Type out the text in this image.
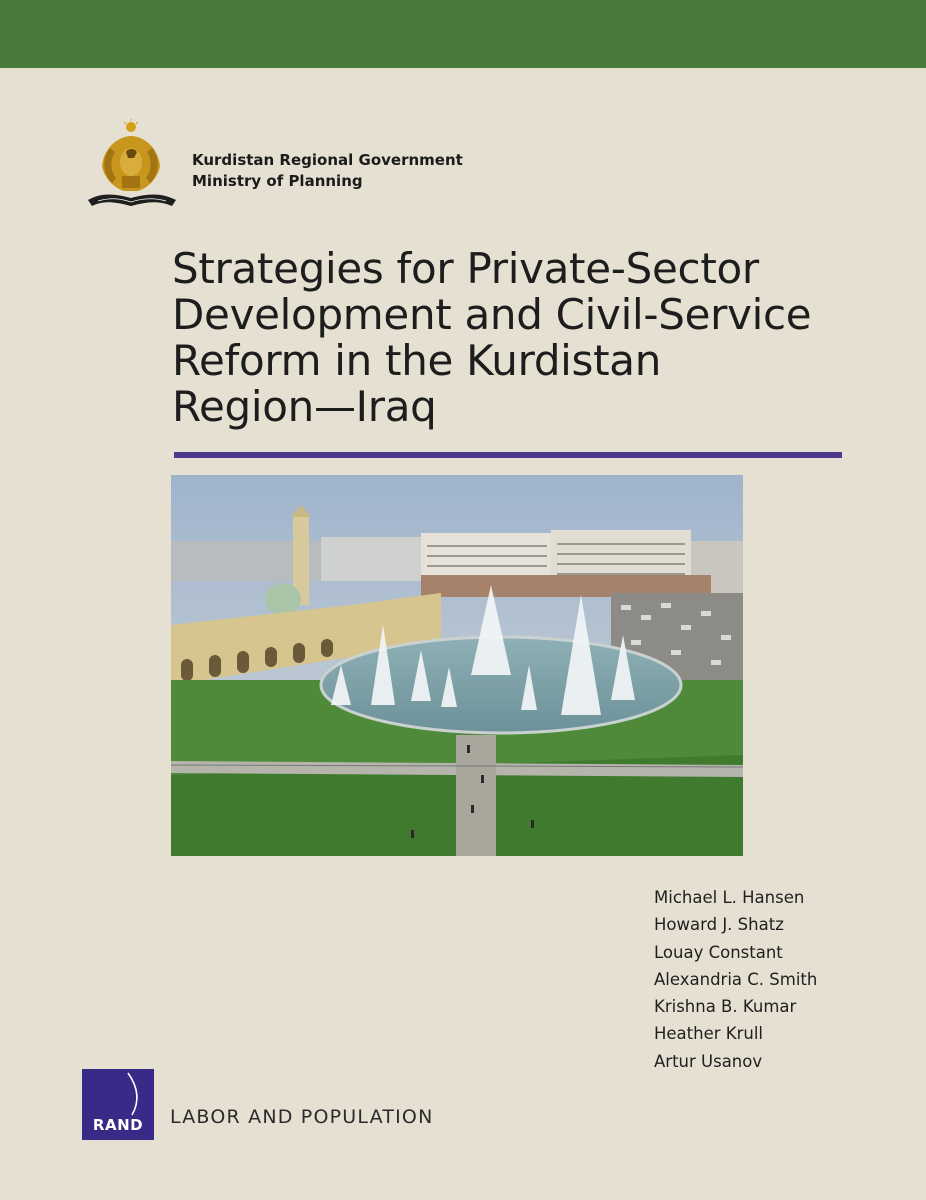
Kurdistan Regional Government
Ministry of Planning
Strategies for Private-Sector
Development and Civil-Service
Reform in the Kurdistan
Region—Iraq
Michael L. Hansen
Howard J. Shatz
Louay Constant
Alexandria C. Smith
Krishna B. Kumar
Heather Krull
Artur Usanov
RAND	LABOR AND POPULATION
